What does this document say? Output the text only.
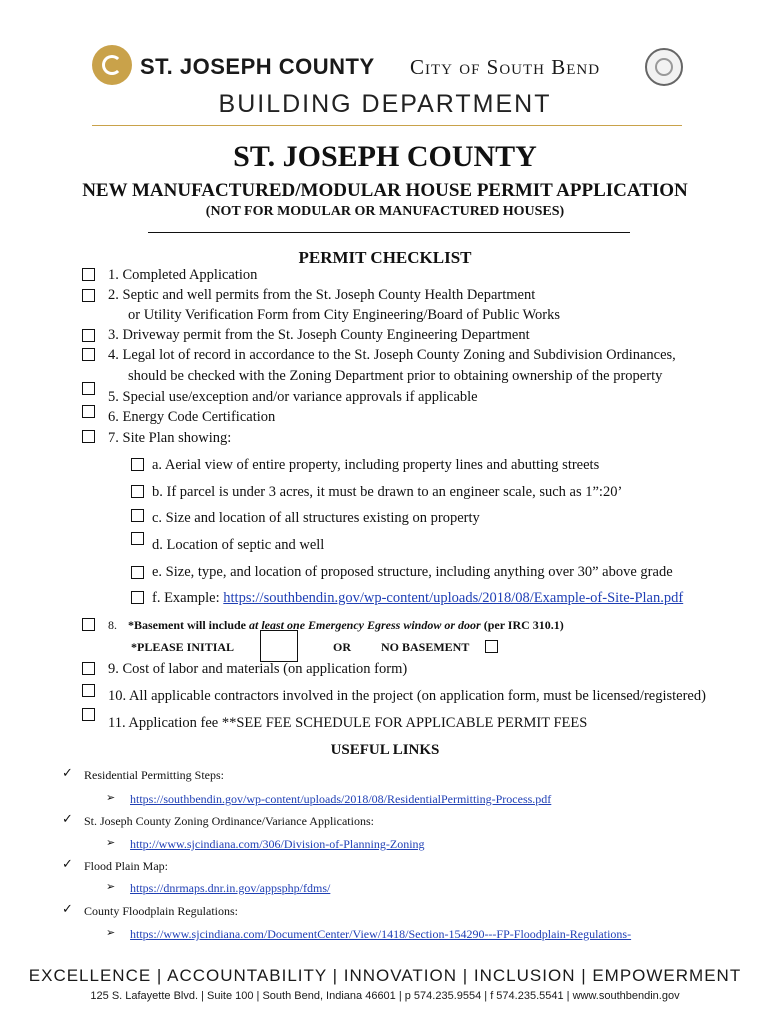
ST. JOSEPH COUNTY City of South Bend
BUILDING DEPARTMENT
ST. JOSEPH COUNTY
NEW MANUFACTURED/MODULAR HOUSE PERMIT APPLICATION
(NOT FOR MODULAR OR MANUFACTURED HOUSES)
PERMIT CHECKLIST
1. Completed Application
2. Septic and well permits from the St. Joseph County Health Department
or Utility Verification Form from City Engineering/Board of Public Works
3. Driveway permit from the St. Joseph County Engineering Department
4. Legal lot of record in accordance to the St. Joseph County Zoning and Subdivision Ordinances,
should be checked with the Zoning Department prior to obtaining ownership of the property
5. Special use/exception and/or variance approvals if applicable
6. Energy Code Certification
7. Site Plan showing:
a. Aerial view of entire property, including property lines and abutting streets
b. If parcel is under 3 acres, it must be drawn to an engineer scale, such as 1”:20’
c. Size and location of all structures existing on property
d. Location of septic and well
e. Size, type, and location of proposed structure, including anything over 30” above grade
f. Example: https://southbendin.gov/wp-content/uploads/2018/08/Example-of-Site-Plan.pdf
8. *Basement will include at least one Emergency Egress window or door (per IRC 310.1)
*PLEASE INITIAL	OR	NO BASEMENT
9. Cost of labor and materials (on application form)
10. All applicable contractors involved in the project (on application form, must be licensed/registered)
11. Application fee **SEE FEE SCHEDULE FOR APPLICABLE PERMIT FEES
USEFUL LINKS
✓ Residential Permitting Steps:
➢ https://southbendin.gov/wp-content/uploads/2018/08/ResidentialPermitting-Process.pdf
✓ St. Joseph County Zoning Ordinance/Variance Applications:
➢ http://www.sjcindiana.com/306/Division-of-Planning-Zoning
✓ Flood Plain Map:
➢ https://dnrmaps.dnr.in.gov/appsphp/fdms/
✓ County Floodplain Regulations:
➢ https://www.sjcindiana.com/DocumentCenter/View/1418/Section-154290---FP-Floodplain-Regulations-
EXCELLENCE | ACCOUNTABILITY | INNOVATION | INCLUSION | EMPOWERMENT
125 S. Lafayette Blvd. | Suite 100 | South Bend, Indiana 46601 | p 574.235.9554 | f 574.235.5541 | www.southbendin.gov
